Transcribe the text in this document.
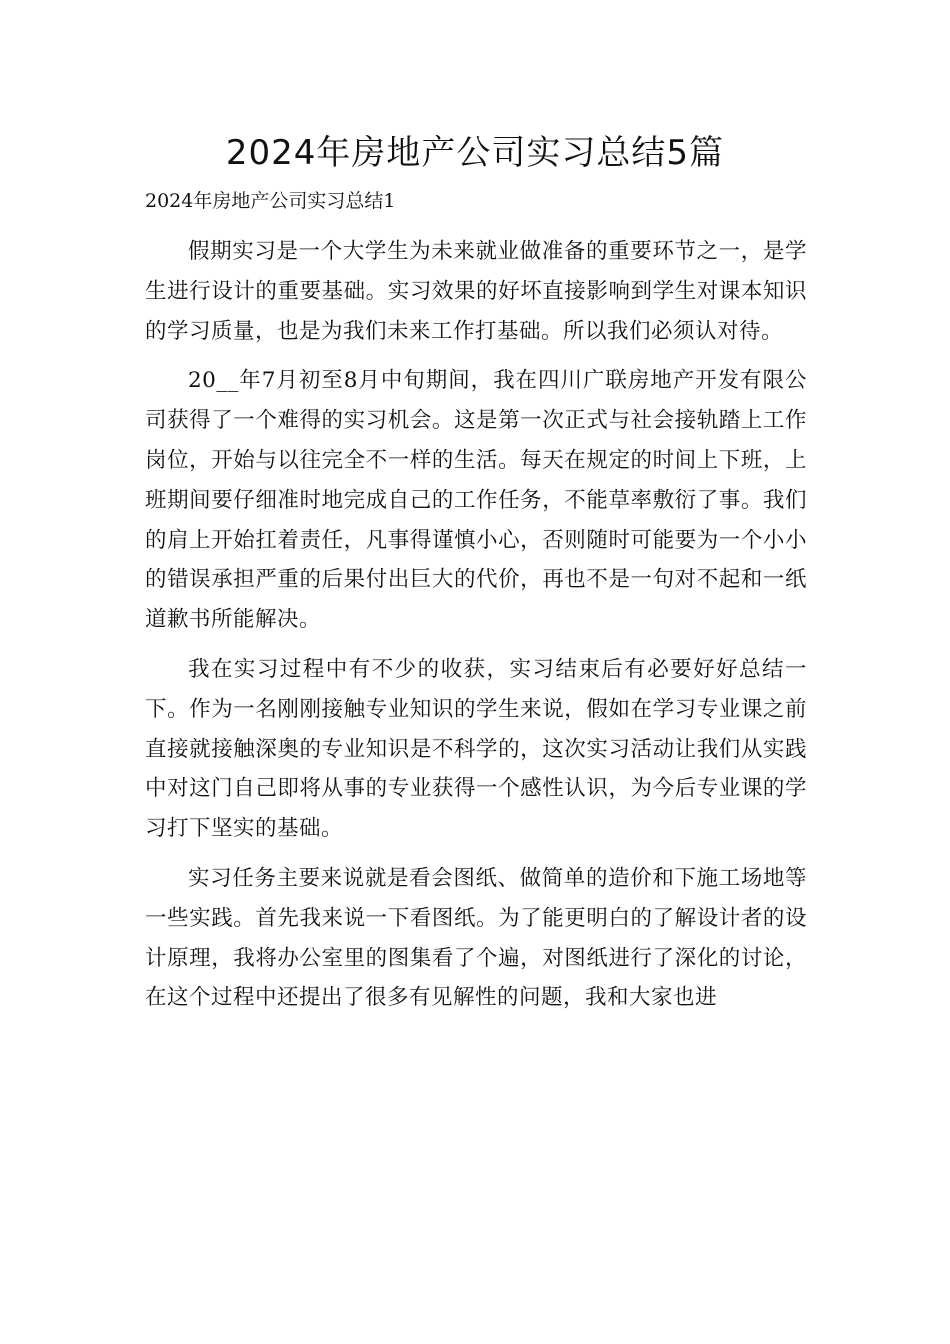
2024年房地产公司实习总结5篇
2024年房地产公司实习总结1

假期实习是一个大学生为未来就业做准备的重要环节之一，是学生进行设计的重要基础。实习效果的好坏直接影响到学生对课本知识的学习质量，也是为我们未来工作打基础。所以我们必须认对待。

20__年7月初至8月中旬期间，我在四川广联房地产开发有限公司获得了一个难得的实习机会。这是第一次正式与社会接轨踏上工作岗位，开始与以往完全不一样的生活。每天在规定的时间上下班，上班期间要仔细准时地完成自己的工作任务，不能草率敷衍了事。我们的肩上开始扛着责任，凡事得谨慎小心，否则随时可能要为一个小小的错误承担严重的后果付出巨大的代价，再也不是一句对不起和一纸道歉书所能解决。

我在实习过程中有不少的收获，实习结束后有必要好好总结一下。作为一名刚刚接触专业知识的学生来说，假如在学习专业课之前直接就接触深奥的专业知识是不科学的，这次实习活动让我们从实践中对这门自己即将从事的专业获得一个感性认识，为今后专业课的学习打下坚实的基础。

实习任务主要来说就是看会图纸、做简单的造价和下施工场地等一些实践。首先我来说一下看图纸。为了能更明白的了解设计者的设计原理，我将办公室里的图集看了个遍，对图纸进行了深化的讨论，在这个过程中还提出了很多有见解性的问题，我和大家也进
